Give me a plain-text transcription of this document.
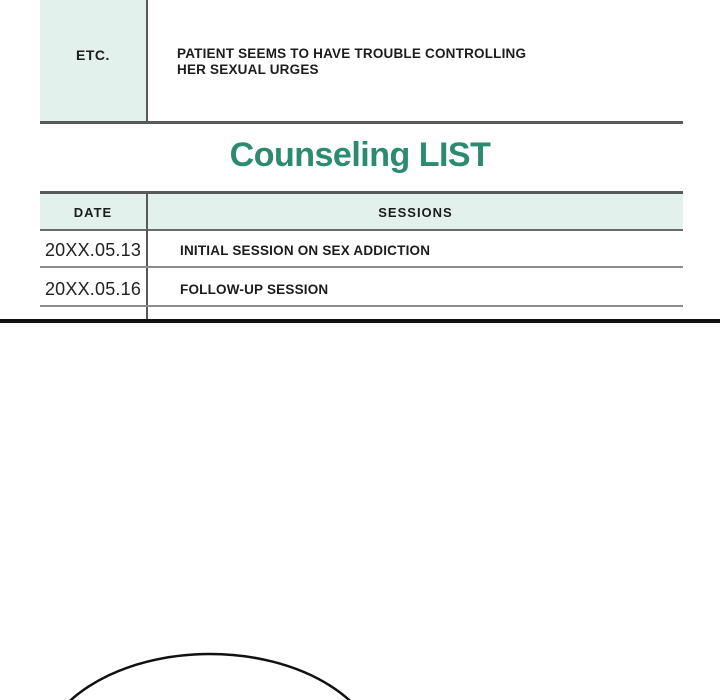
ETC.	PATIENT SEEMS TO HAVE TROUBLE CONTROLLING
HER SEXUAL URGES
Counseling LIST
DATE	SESSIONS
20XX.05.13	INITIAL SESSION ON SEX ADDICTION
20XX.05.16	FOLLOW-UP SESSION
